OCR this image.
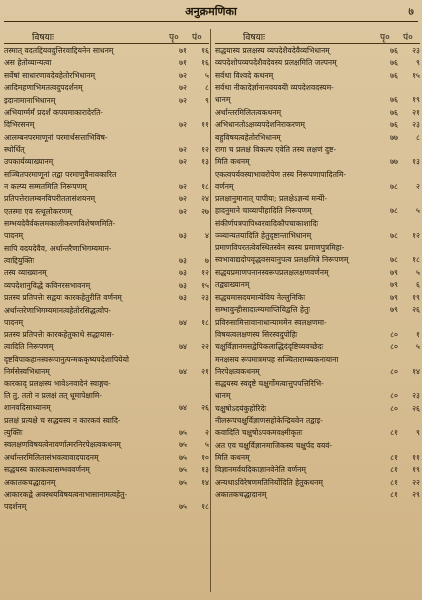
अनुक्रमणिका	७
विषयाः	पृ० पं०
तस्मात् वदतद्दियवदुत्तिरवाद्दियनेन साधनम्	७१	१६
अस हेतोव्यान्यत्वा	७१	१६
सर्वेषां साधारणावदेवहेतोरभिधानम्	७२	५
आदिमहणाभिमतत्वदुपदर्शनम्	७२	८
इदानामानाभिधानम्	७२	९
अभियार्ग्मर्मं प्रदर्शं कपयमाकारादेरति-
दिभिरसनम्	७२	११
आलम्बनपरमाणूनां परमार्थसत्ताभिविष-
स्थोर्धित्	७२	१२
उपकार्यव्याख्यानम्	७२	१३
सञ्चितपरमाणूनां तद्वा परमाणुवैनावकारित
न कल्प्य सम्मतमिति निरूपणम्	७२	१८
प्रतिपत्तेरालम्बनविपरीततासंशयनम्	७२	२४
एतस्मा एव स्त्थूलोकरणम्	७२	२७
सम्भयदेवैर्वकलमकालीकरणविशेषणमिति-
पादनम्	७३	४
सापि वदयदेवैव, अर्थान्तरैणाभिगम्यमान-
त्वाद्दियुक्तिः	७३	७
तस्य व्याख्यानम्	७३	१२
व्यपदेशानुविद्धे कविनरसभावनम्	७३	१५
प्रतस्य प्रतिपत्तेः सद्वयः कारकहेतुरीति वर्णनम्	७३	२३
अर्थान्तरेणाभिगम्यमानत्वहेतोरसिद्धत्वोप-
पादनम्	७४	१८
प्रतस्य प्रतिपत्तेः कारकहेतुकाथे सद्धायास-
त्वादिति निरूपणम्	७४	२२
दृष्टविपाकहानस्वरूपानुत्पन्मककृष्यपदेशापियेयो
निर्मसेस्वभिधानम्	७४	२१
कारकाद् प्रलक्षस्य भावेऽनवादेनं स्वाङ्गव-
ति तु, ततो न प्रलक्षं तत् धूमापेक्षामि-
शानवदिसाध्यानम्	७४	२६
प्रलक्षं प्रत्यक्षे च सद्धयस्य न कारकवं स्वादि-
त्युक्तिः	७५	२
स्वलक्षणविषयत्वेनावर्णात्मरनिरपेक्षत्वकथनम्	७५	५
अर्थान्तरमिलितासंभवत्वावादपादनम्	७५	१०
सद्धयस्य कारकत्वासम्भववर्णनम्	७५	१३
अकातकचद्धादानम्	७५	१४
आकारकद्वे अवस्थयविषयत्वनाभासानामत्वहेतु-
पदर्शनम्	७५	१८
विषयाः	पृ० पं०
सद्धयास्य प्रलक्षस्य व्यपदेशैवदेवैव्यभिधानम्	७६	२३
व्यपदेशोपव्यपदेशैवदेवस्य प्रलक्षमिति जल्पनम्	७६	९
सर्वथा विश्वदे कथनम्	७६	१५
सर्वथा नीकादेर्ज्ञानानवयवयेो व्यपदेशवदस्यम-
धानम्	७६	१९
अर्थान्तरमिलितत्वकथनम्	७६	२१
अभिधानतोऽक्षव्यपदेशनिराकरणम्	७६	२३
बहुविषयत्वहेतोरभिधानम्	७७	८
रागा च प्रलक्षं विकल्प एवेति तस्य लक्षणं दुष्ट-
मिति कथनम्	७७	१३
एकत्वपर्यवस्याभावरोपेण तस्य निरूपणापादितमि-
वर्णनम्	७८	२
प्रलक्षानुमानात् पापीयः; प्रलक्षेऽज्ञन्यं मन्येो-
हादनुमाने चाव्यापीहादिति निरूपणम्	७८	५
संकीर्णपत्रपापिध्वरवादिकौपचाकाशादिः
ञ्ञ्यान्यतयादिति हेतुदृष्टान्ताभिधानम्	७८	१२
प्रमाणविपरतत्वेवस्थितस्वेन स्वस्य प्रमाणपुत्रमिहा-
स्वभावाद्यदोपवृद्धवसयानुपत्व प्रलक्षमित्रे निरूपणम्	७८	१८
सद्धयप्रमाणपनानस्वरूपप्रलक्षलक्षणवर्णनम्	७९	५
तद्व्याख्यानम्	७९	६
सद्धयमासदयमान्येविय नेल्लुनिकिः	७९	१९
सम्भावुन्हीसादात्म्यमाप्तियिद्वत्ति हेतुः	७९	२६
प्रविरुसामित्तावानाधान्याममेन स्वलक्षणमा-
विषयत्वलक्षणस्य सिरस्वदुपोहिः	८०	१
चक्षुर्विज्ञानमसद्वेपिकलाद्धिदंदृष्टिव्यवच्छेदः	८०	५
मनक्षसय रूपमात्रमपह सञ्चिताराम्ब्यकनायाना
निरपेक्षत्वकथनम्	८०	१४
सद्धयस्य स्वदृष्टे चक्षुर्गोमत्वात्तुपपत्तिरिभि-
धानम्	८०	२३
चक्षुषोऽदयंकुहोरिदेः	८०	२६
नीलरूपचक्षुर्विज्ञाणसहोकेन्द्रियवेन तद्वाइ-
कवादिति चक्षुषोऽपकमवक्ष्मीकृतः	८१	९
अत एव चक्षुर्विज्ञानमाजिकस्य चक्षुर्पद वयवं-
मिति कथनम्	८१	११
विज्ञानमर्वयदिकाज्ञानवेनेति वर्णनम्	८१	१९
अन्यथाऽविरेषणमतिनिर्योदिति हेतुकथनम्	८१	२२
अकातकचद्धादानम्	८१	२९
